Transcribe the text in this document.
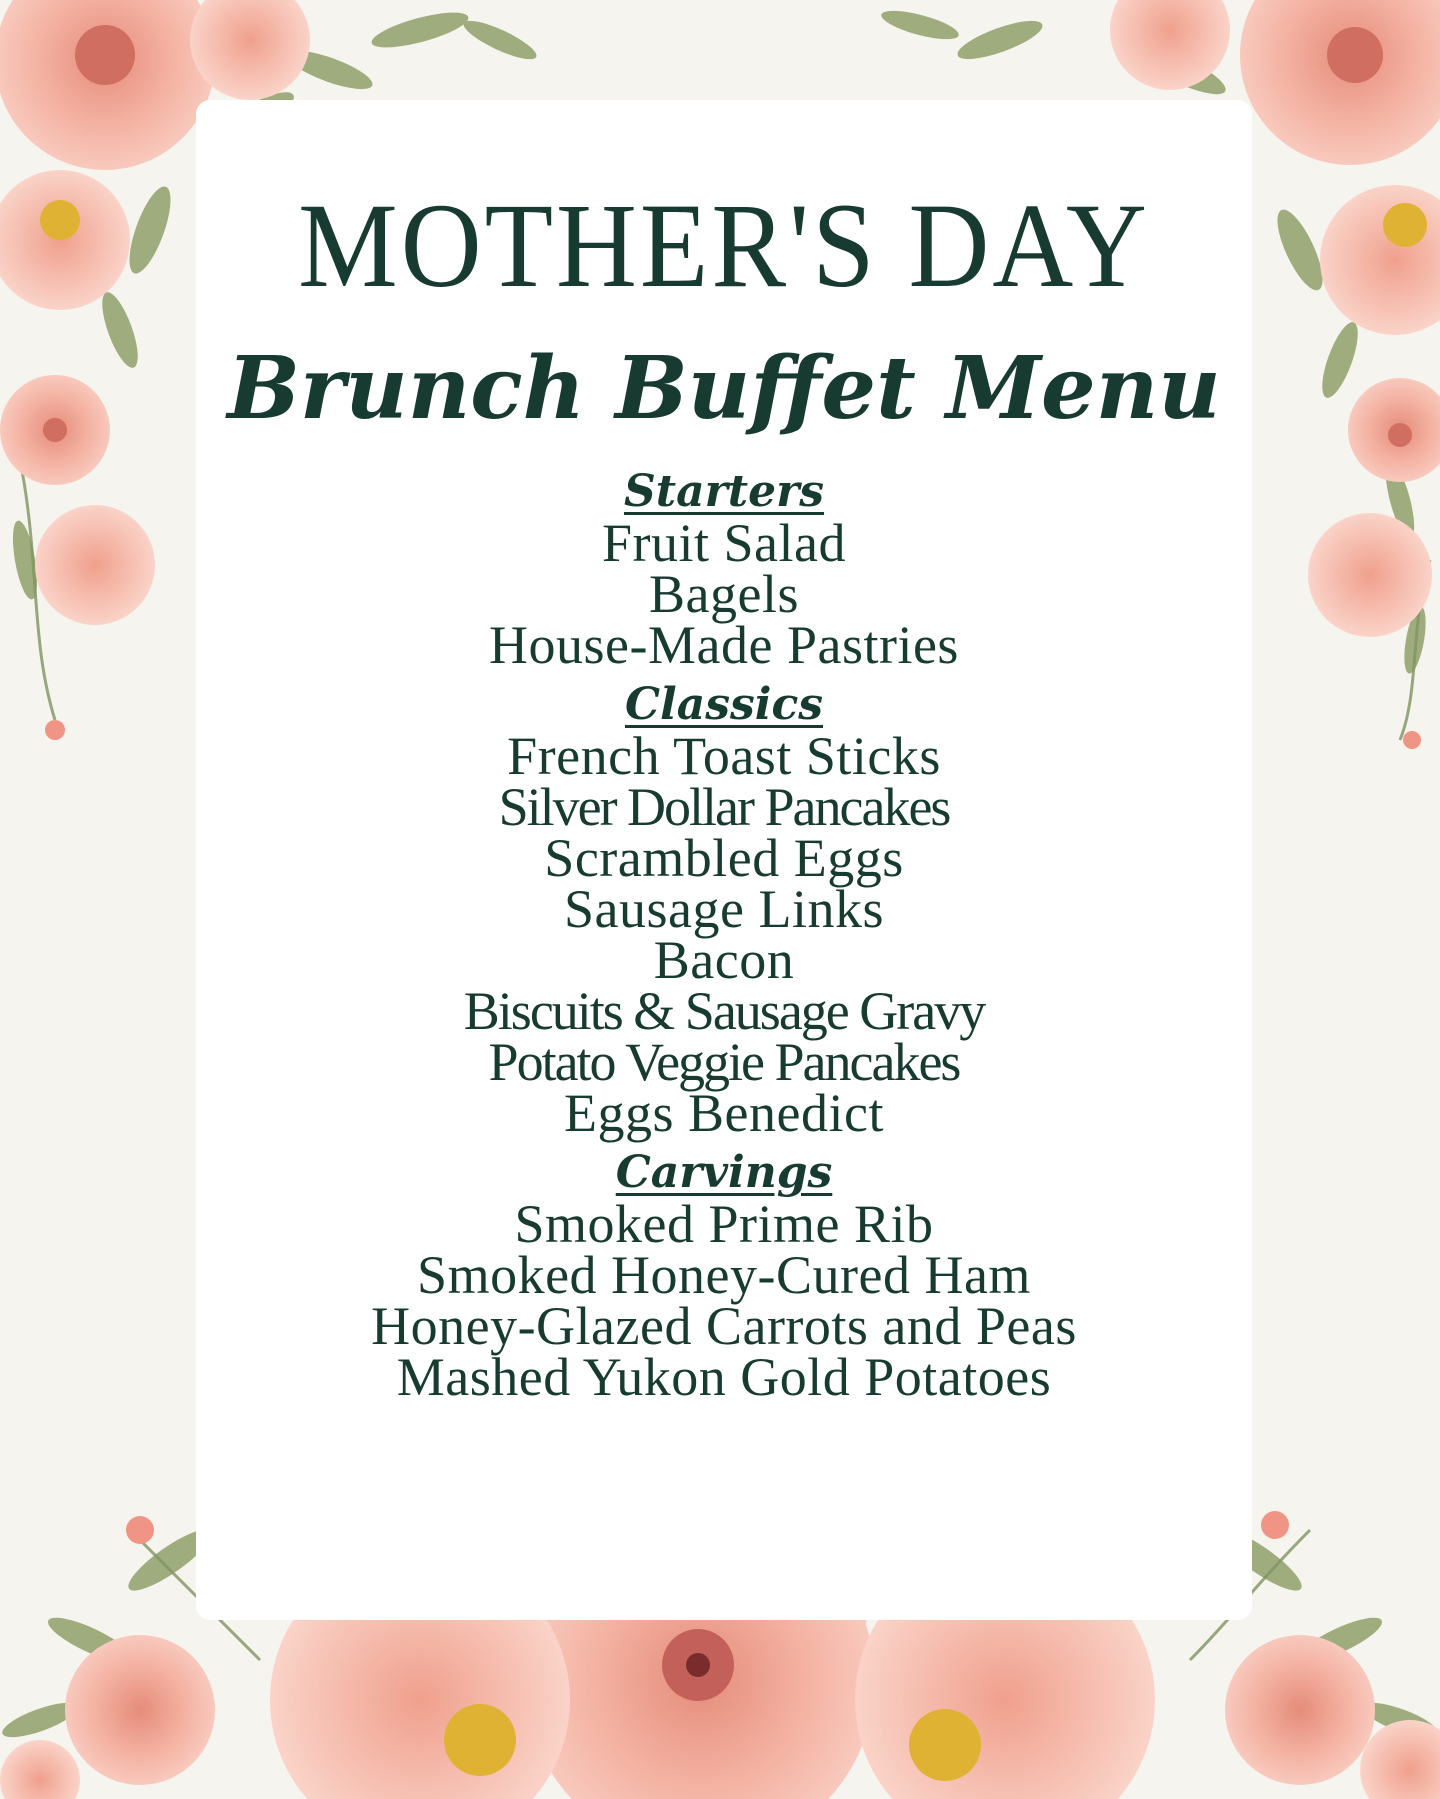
MOTHER'S DAY
Brunch Buffet Menu
Starters
Fruit Salad
Bagels
House-Made Pastries
Classics
French Toast Sticks
Silver Dollar Pancakes
Scrambled Eggs
Sausage Links
Bacon
Biscuits & Sausage Gravy
Potato Veggie Pancakes
Eggs Benedict
Carvings
Smoked Prime Rib
Smoked Honey-Cured Ham
Honey-Glazed Carrots and Peas
Mashed Yukon Gold Potatoes
